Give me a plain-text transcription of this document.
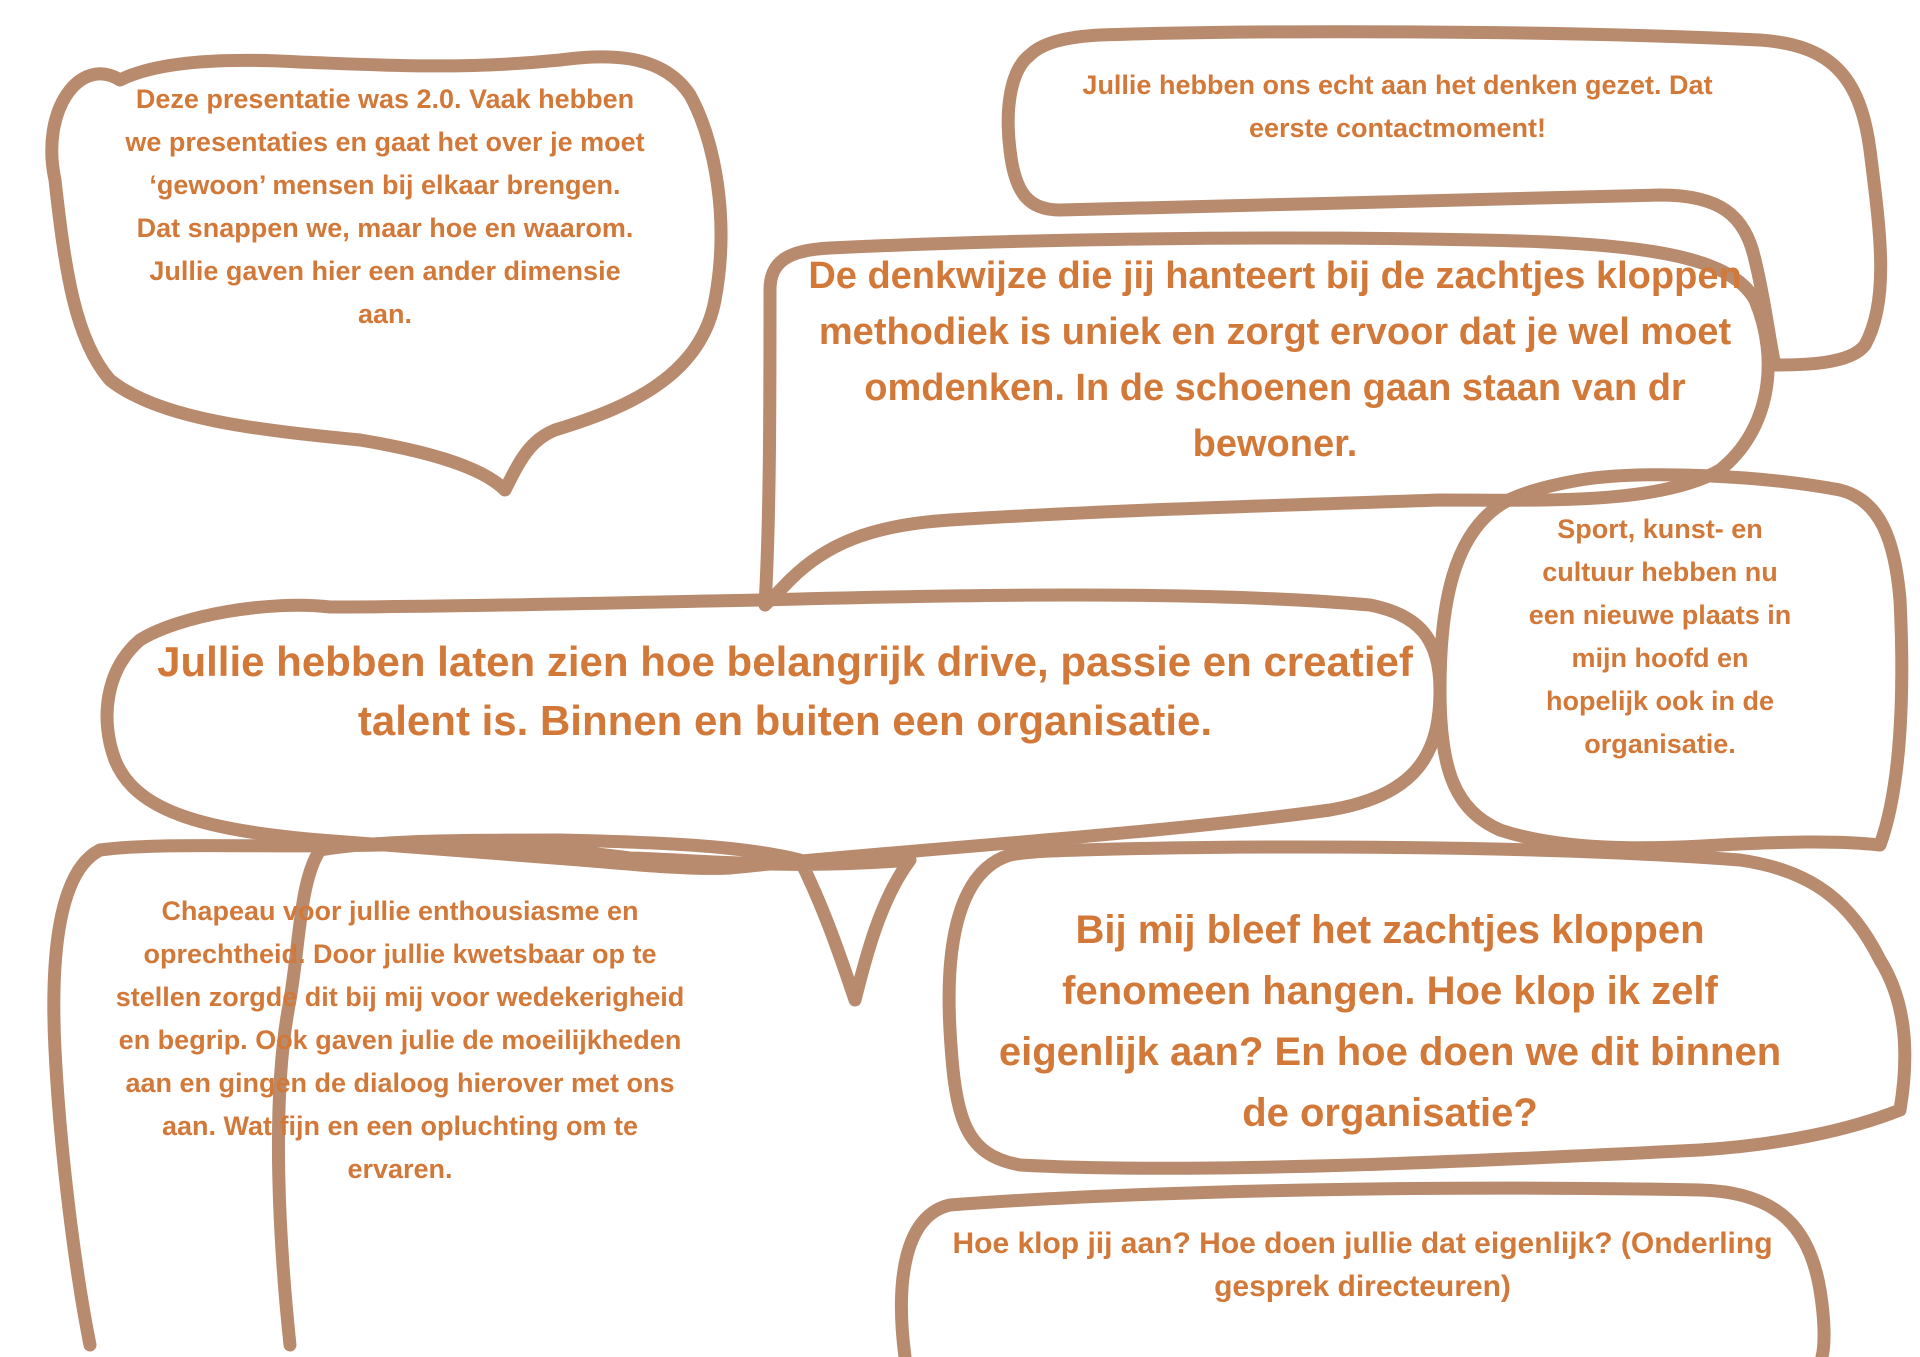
Deze presentatie was 2.0. Vaak hebben we presentaties en gaat het over je moet ‘gewoon’ mensen bij elkaar brengen. Dat snappen we, maar hoe en waarom. Jullie gaven hier een ander dimensie aan.

Jullie hebben ons echt aan het denken gezet. Dat eerste contactmoment!

De denkwijze die jij hanteert bij de zachtjes kloppen methodiek is uniek en zorgt ervoor dat je wel moet omdenken. In de schoenen gaan staan van dr bewoner.

Jullie hebben laten zien hoe belangrijk drive, passie en creatief talent is. Binnen en buiten een organisatie.

Sport, kunst- en cultuur hebben nu een nieuwe plaats in mijn hoofd en hopelijk ook in de organisatie.

Chapeau voor jullie enthousiasme en oprechtheid. Door jullie kwetsbaar op te stellen zorgde dit bij mij voor wedekerigheid en begrip. Ook gaven julie de moeilijkheden aan en gingen de dialoog hierover met ons aan. Wat fijn en een opluchting om te ervaren.

Bij mij bleef het zachtjes kloppen fenomeen hangen. Hoe klop ik zelf eigenlijk aan? En hoe doen we dit binnen de organisatie?

Hoe klop jij aan? Hoe doen jullie dat eigenlijk? (Onderling gesprek directeuren)
